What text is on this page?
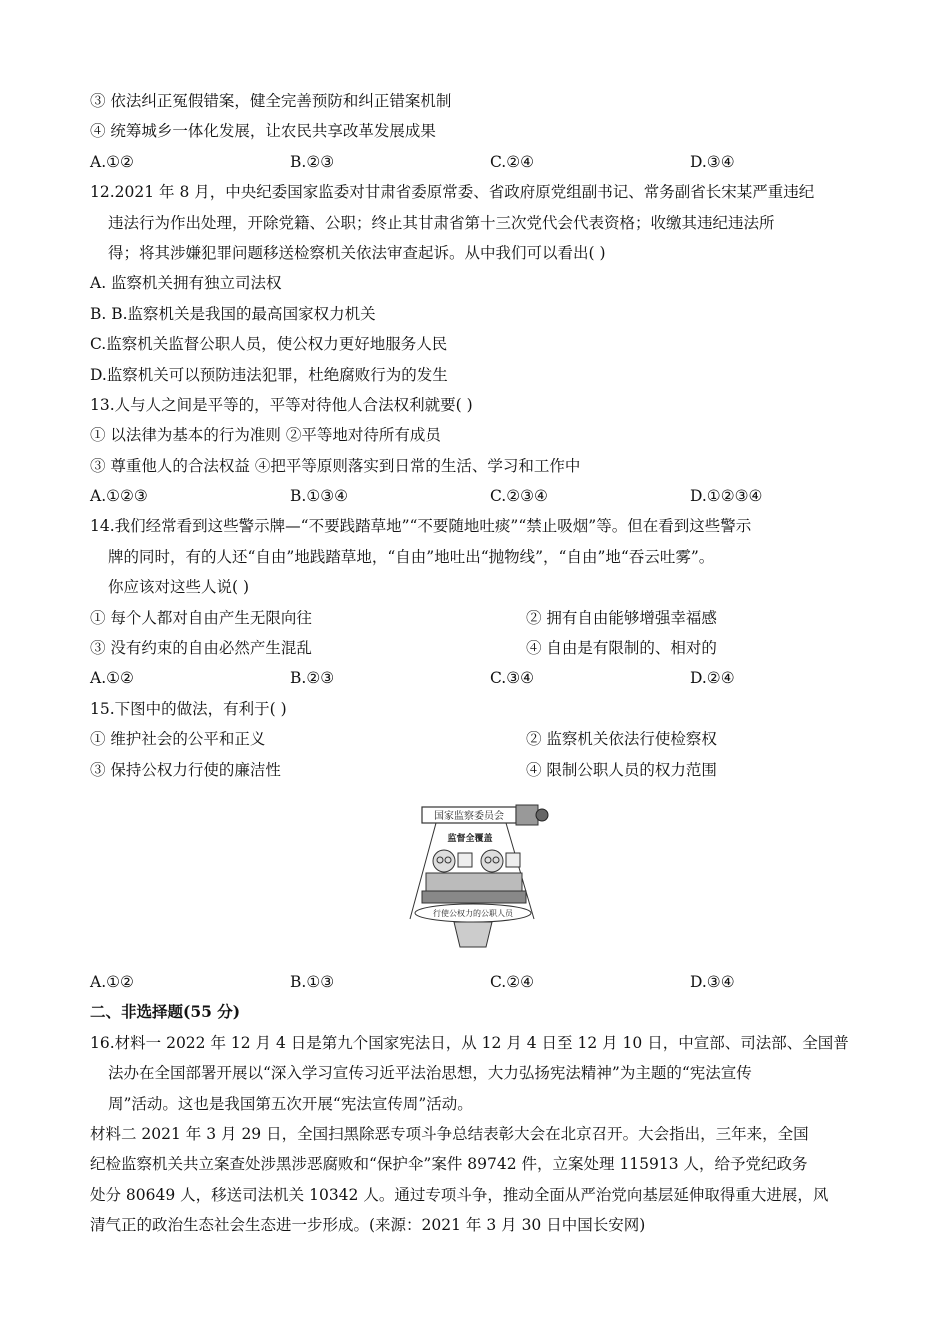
③ 依法纠正冤假错案，健全完善预防和纠正错案机制
④ 统筹城乡一体化发展，让农民共享改革发展成果
A.①②	B.②③	C.②④	D.③④
12.2021 年 8 月，中央纪委国家监委对甘肃省委原常委、省政府原党组副书记、常务副省长宋某严重违纪
违法行为作出处理，开除党籍、公职；终止其甘肃省第十三次党代会代表资格；收缴其违纪违法所
得；将其涉嫌犯罪问题移送检察机关依法审查起诉。从中我们可以看出( )
A. 监察机关拥有独立司法权
B. B.监察机关是我国的最高国家权力机关
C.监察机关监督公职人员，使公权力更好地服务人民
D.监察机关可以预防违法犯罪，杜绝腐败行为的发生
13.人与人之间是平等的，平等对待他人合法权利就要( )
① 以法律为基本的行为准则 ②平等地对待所有成员
③ 尊重他人的合法权益 ④把平等原则落实到日常的生活、学习和工作中
A.①②③	B.①③④	C.②③④	D.①②③④
14.我们经常看到这些警示牌—“不要践踏草地”“不要随地吐痰”“禁止吸烟”等。但在看到这些警示
牌的同时，有的人还“自由”地践踏草地，“自由”地吐出“抛物线”，“自由”地“吞云吐雾”。
你应该对这些人说( )
① 每个人都对自由产生无限向往	② 拥有自由能够增强幸福感
③ 没有约束的自由必然产生混乱	④ 自由是有限制的、相对的
A.①②	B.②③	C.③④	D.②④
15.下图中的做法，有利于( )
① 维护社会的公平和正义	② 监察机关依法行使检察权
③ 保持公权力行使的廉洁性	④ 限制公职人员的权力范围
国家监察委员会
监督全覆盖
行使公权力的公职人员
A.①②	B.①③	C.②④	D.③④
二、非选择题(55 分)
16.材料一 2022 年 12 月 4 日是第九个国家宪法日，从 12 月 4 日至 12 月 10 日，中宣部、司法部、全国普
法办在全国部署开展以“深入学习宣传习近平法治思想，大力弘扬宪法精神”为主题的“宪法宣传
周”活动。这也是我国第五次开展“宪法宣传周”活动。
材料二 2021 年 3 月 29 日，全国扫黑除恶专项斗争总结表彰大会在北京召开。大会指出，三年来，全国
纪检监察机关共立案查处涉黑涉恶腐败和“保护伞”案件 89742 件，立案处理 115913 人，给予党纪政务
处分 80649 人，移送司法机关 10342 人。通过专项斗争，推动全面从严治党向基层延伸取得重大进展，风
清气正的政治生态社会生态进一步形成。(来源：2021 年 3 月 30 日中国长安网)
